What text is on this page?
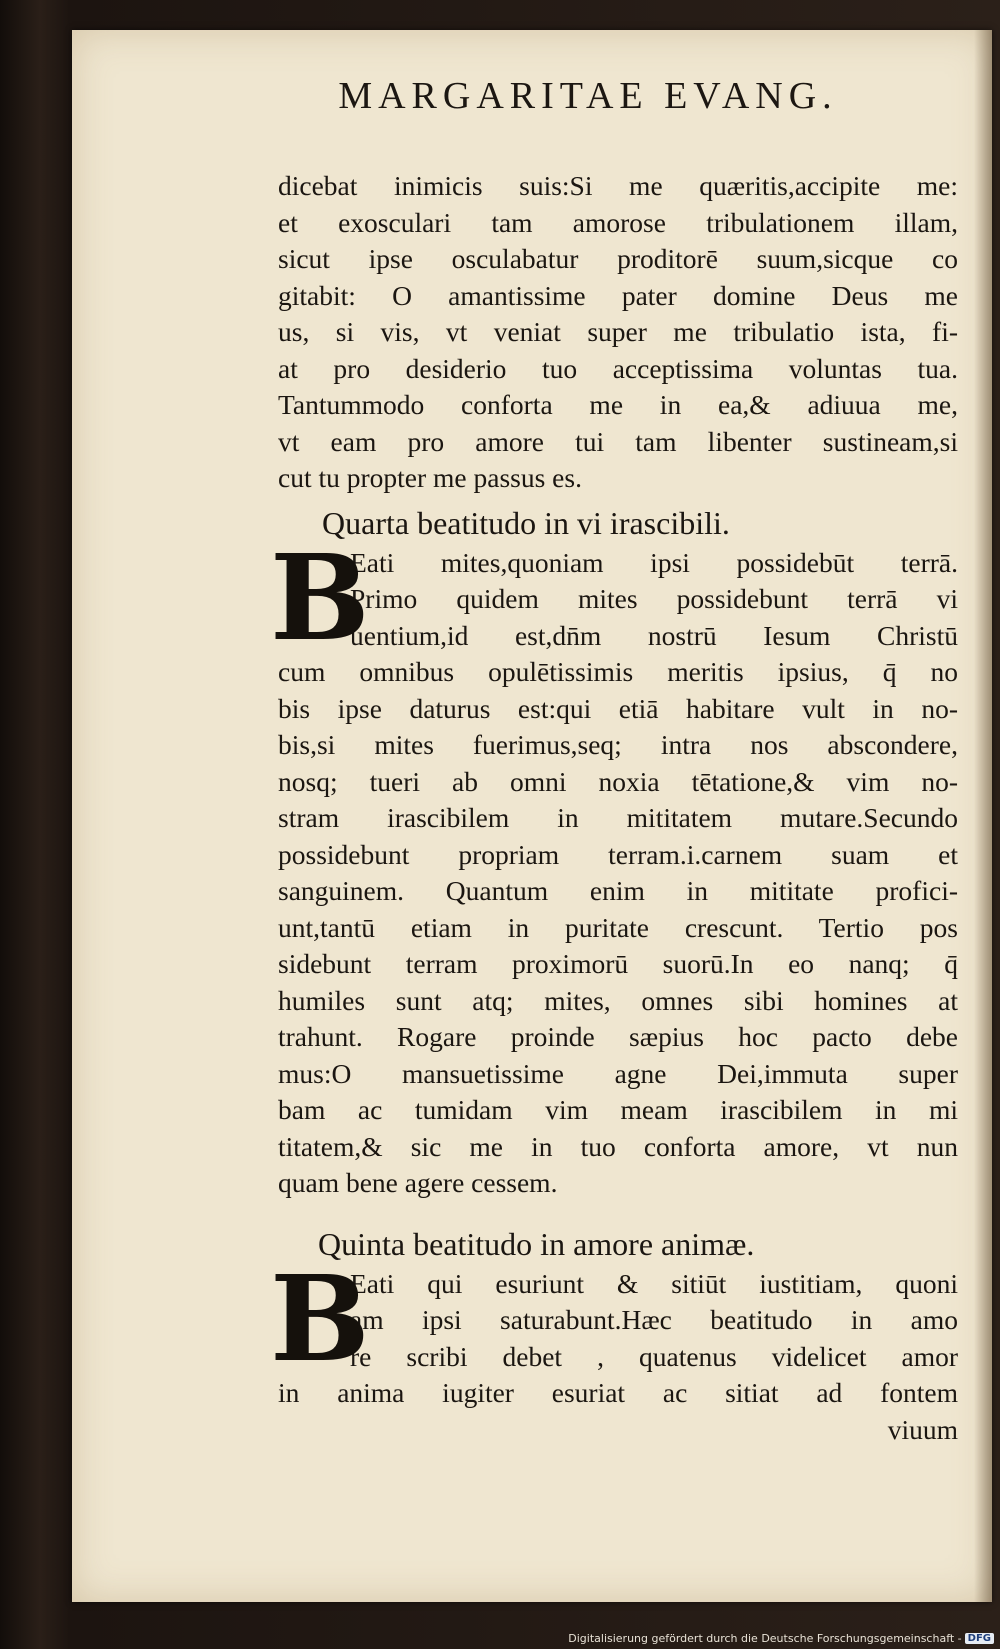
MARGARITAE EVANG.
dicebat inimicis suis:Si me quæritis,accipite me:
et exosculari tam amorose tribulationem illam,
sicut ipse osculabatur proditorē suum,sicque co
gitabit: O amantissime pater domine Deus me
us, si vis, vt veniat super me tribulatio ista, fi-
at pro desiderio tuo acceptissima voluntas tua.
Tantummodo conforta me in ea,& adiuua me,
vt eam pro amore tui tam libenter sustineam,si
cut tu propter me passus es.
Quarta beatitudo in vi irascibili.
B
Eati mites,quoniam ipsi possidebūt terrā.
Primo quidem mites possidebunt terrā vi
uentium,id est,dn̄m nostrū Iesum Christū
cum omnibus opulētissimis meritis ipsius, q̄ no
bis ipse daturus est:qui etiā habitare vult in no-
bis,si mites fuerimus,seq; intra nos abscondere,
nosq; tueri ab omni noxia tētatione,& vim no-
stram irascibilem in mititatem mutare.Secundo
possidebunt propriam terram.i.carnem suam et
sanguinem. Quantum enim in mititate profici-
unt,tantū etiam in puritate crescunt. Tertio pos
sidebunt terram proximorū suorū.In eo nanq; q̄
humiles sunt atq; mites, omnes sibi homines at
trahunt. Rogare proinde sæpius hoc pacto debe
mus:O mansuetissime agne Dei,immuta super
bam ac tumidam vim meam irascibilem in mi
titatem,& sic me in tuo conforta amore, vt nun
quam bene agere cessem.
Quinta beatitudo in amore animæ.
B
Eati qui esuriunt & sitiūt iustitiam, quoni
am ipsi saturabunt.Hæc beatitudo in amo
re scribi debet , quatenus videlicet amor
in anima iugiter esuriat ac sitiat ad fontem
viuum
Digitalisierung gefördert durch die Deutsche Forschungsgemeinschaft - DFG
